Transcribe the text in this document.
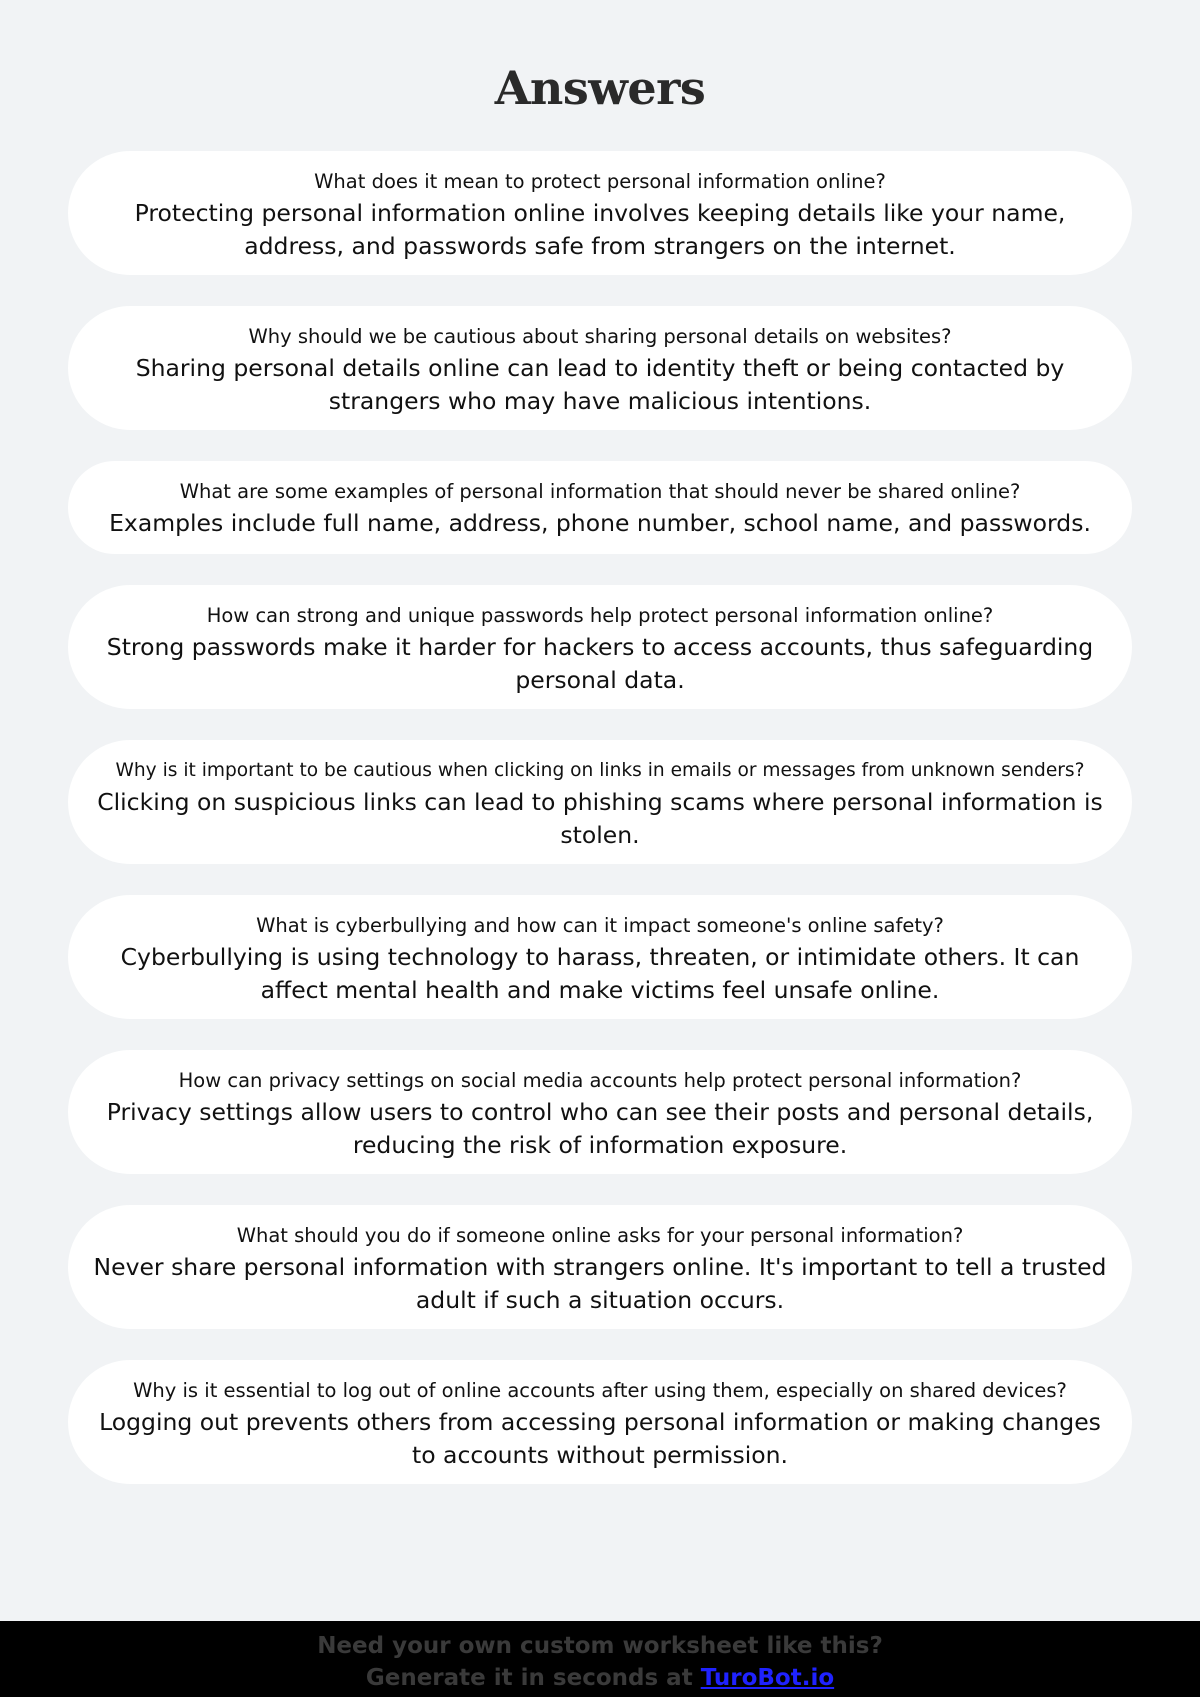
Answers
What does it mean to protect personal information online?
Protecting personal information online involves keeping details like your name, address, and passwords safe from strangers on the internet.
Why should we be cautious about sharing personal details on websites?
Sharing personal details online can lead to identity theft or being contacted by strangers who may have malicious intentions.
What are some examples of personal information that should never be shared online?
Examples include full name, address, phone number, school name, and passwords.
How can strong and unique passwords help protect personal information online?
Strong passwords make it harder for hackers to access accounts, thus safeguarding personal data.
Why is it important to be cautious when clicking on links in emails or messages from unknown senders?
Clicking on suspicious links can lead to phishing scams where personal information is stolen.
What is cyberbullying and how can it impact someone's online safety?
Cyberbullying is using technology to harass, threaten, or intimidate others. It can affect mental health and make victims feel unsafe online.
How can privacy settings on social media accounts help protect personal information?
Privacy settings allow users to control who can see their posts and personal details, reducing the risk of information exposure.
What should you do if someone online asks for your personal information?
Never share personal information with strangers online. It's important to tell a trusted adult if such a situation occurs.
Why is it essential to log out of online accounts after using them, especially on shared devices?
Logging out prevents others from accessing personal information or making changes to accounts without permission.
Need your own custom worksheet like this?
Generate it in seconds at TuroBot.io
